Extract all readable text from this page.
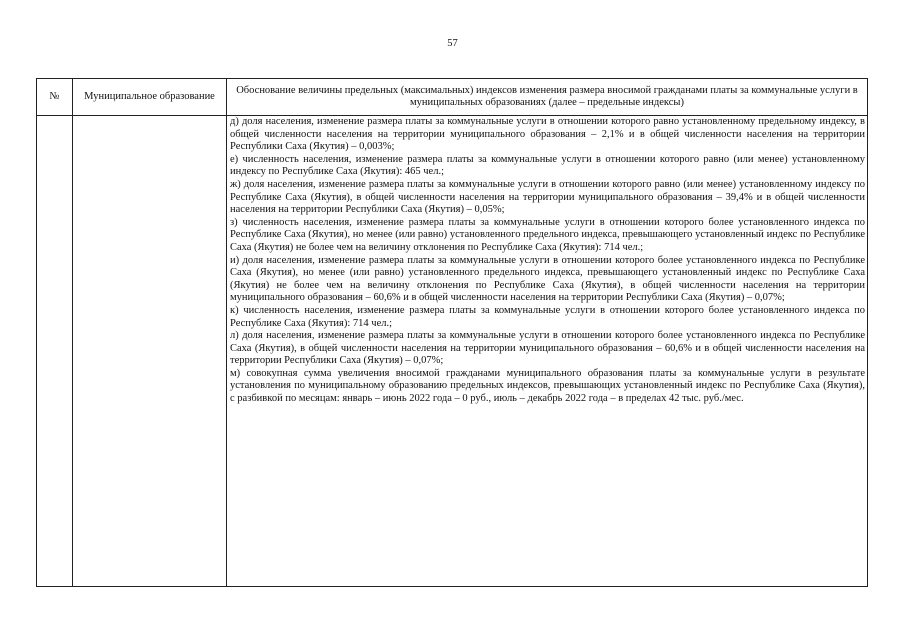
57
№	Муниципальное образование
Обоснование величины предельных (максимальных) индексов изменения размера вносимой гражданами платы за коммунальные услуги в муниципальных образованиях (далее – предельные индексы)

д) доля населения, изменение размера платы за коммунальные услуги в отношении которого равно установленному предельному индексу, в общей численности населения на территории муниципального образования – 2,1% и в общей численности населения на территории Республики Саха (Якутия) – 0,003%;

е) численность населения, изменение размера платы за коммунальные услуги в отношении которого равно (или менее) установленному индексу по Республике Саха (Якутия): 465 чел.;

ж) доля населения, изменение размера платы за коммунальные услуги в отношении которого равно (или менее) установленному индексу по Республике Саха (Якутия), в общей численности населения на территории муниципального образования – 39,4% и в общей численности населения на территории Республики Саха (Якутия) – 0,05%;

з) численность населения, изменение размера платы за коммунальные услуги в отношении которого более установленного индекса по Республике Саха (Якутия), но менее (или равно) установленного предельного индекса, превышающего установленный индекс по Республике Саха (Якутия) не более чем на величину отклонения по Республике Саха (Якутия): 714 чел.;

и) доля населения, изменение размера платы за коммунальные услуги в отношении которого более установленного индекса по Республике Саха (Якутия), но менее (или равно) установленного предельного индекса, превышающего установленный индекс по Республике Саха (Якутия) не более чем на величину отклонения по Республике Саха (Якутия), в общей численности населения на территории муниципального образования – 60,6% и в общей численности населения на территории Республики Саха (Якутия) – 0,07%;

к) численность населения, изменение размера платы за коммунальные услуги в отношении которого более установленного индекса по Республике Саха (Якутия): 714 чел.;

л) доля населения, изменение размера платы за коммунальные услуги в отношении которого более установленного индекса по Республике Саха (Якутия), в общей численности населения на территории муниципального образования – 60,6% и в общей численности населения на территории Республики Саха (Якутия) – 0,07%;

м) совокупная сумма увеличения вносимой гражданами муниципального образования платы за коммунальные услуги в результате установления по муниципальному образованию предельных индексов, превышающих установленный индекс по Республике Саха (Якутия), с разбивкой по месяцам: январь – июнь 2022 года – 0 руб., июль – декабрь 2022 года – в пределах 42 тыс. руб./мес.
